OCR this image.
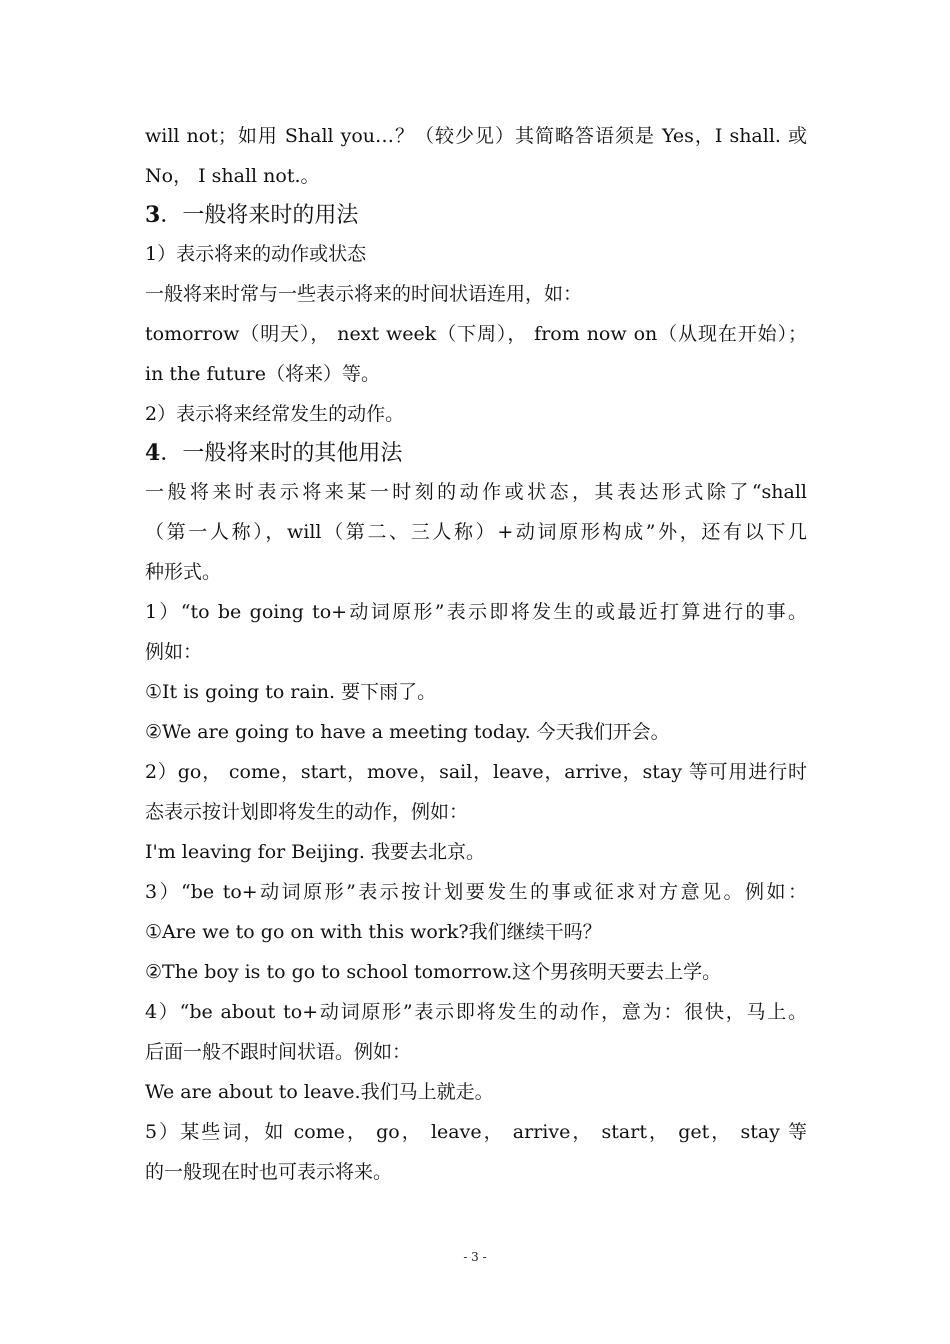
will not；如用 Shall you…？（较少见）其简略答语须是 Yes，I shall. 或
No， I shall not.。
3．一般将来时的用法
1）表示将来的动作或状态
一般将来时常与一些表示将来的时间状语连用，如：
tomorrow（明天）， next week（下周）， from now on（从现在开始）；
in the future（将来）等。
2）表示将来经常发生的动作。
4．一般将来时的其他用法
一般将来时表示将来某一时刻的动作或状态，其表达形式除了“shall
（第一人称），will（第二、三人称）+动词原形构成”外，还有以下几
种形式。
1）“to be going to+动词原形”表示即将发生的或最近打算进行的事。
例如：
①It is going to rain. 要下雨了。
②We are going to have a meeting today. 今天我们开会。
2）go， come，start，move，sail，leave，arrive，stay 等可用进行时
态表示按计划即将发生的动作，例如：
I'm leaving for Beijing. 我要去北京。
3）“be to+动词原形”表示按计划要发生的事或征求对方意见。例如：
①Are we to go on with this work?我们继续干吗？
②The boy is to go to school tomorrow.这个男孩明天要去上学。
4）“be about to+动词原形”表示即将发生的动作，意为：很快，马上。
后面一般不跟时间状语。例如：
We are about to leave.我们马上就走。
5）某些词，如 come， go， leave， arrive， start， get， stay 等
的一般现在时也可表示将来。
- 3 -
